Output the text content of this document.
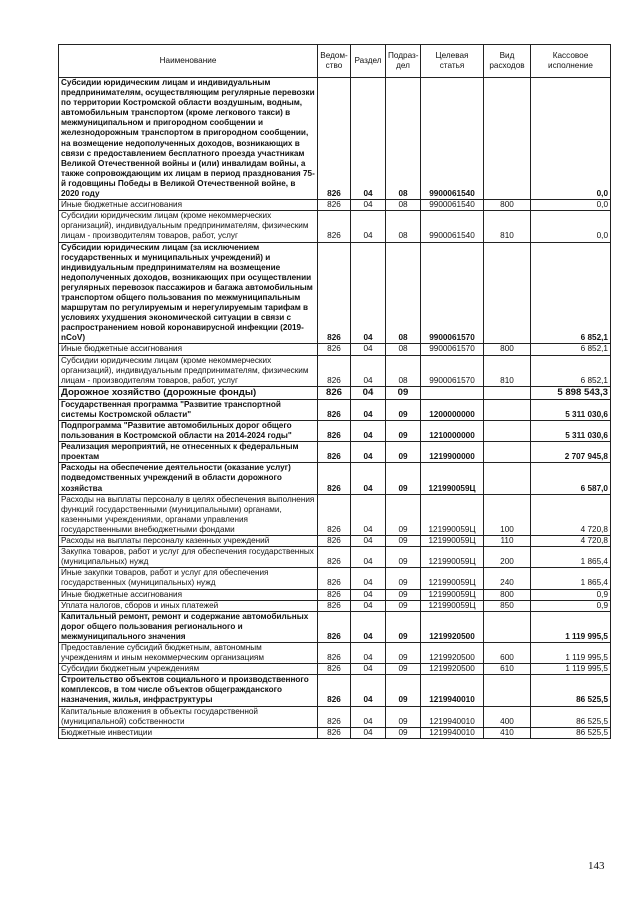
Наименование	Ведом-ство	Раздел	Подраз-дел	Целевая статья	Вид расходов	Кассовое исполнение
Субсидии юридическим лицам и индивидуальным предпринимателям, осуществляющим регулярные перевозки по территории Костромской области воздушным, водным, автомобильным транспортом (кроме легкового такси) в межмуниципальном и пригородном сообщении и железнодорожным транспортом в пригородном сообщении, на возмещение недополученных доходов, возникающих в связи с предоставлением бесплатного проезда участникам Великой Отечественной войны и (или) инвалидам войны, а также сопровождающим их лицам в период празднования 75-й годовщины Победы в Великой Отечественной войне, в 2020 году	826	04	08	9900061540		0,0
Иные бюджетные ассигнования	826	04	08	9900061540	800	0,0
Субсидии юридическим лицам (кроме некоммерческих организаций), индивидуальным предпринимателям, физическим лицам - производителям товаров, работ, услуг	826	04	08	9900061540	810	0,0
Субсидии юридическим лицам (за исключением государственных и муниципальных учреждений) и индивидуальным предпринимателям на возмещение недополученных доходов, возникающих при осуществлении регулярных перевозок пассажиров и багажа автомобильным транспортом общего пользования по межмуниципальным маршрутам по регулируемым и нерегулируемым тарифам в условиях ухудшения экономической ситуации в связи с распространением новой коронавирусной инфекции (2019-nCoV)	826	04	08	9900061570		6 852,1
Иные бюджетные ассигнования	826	04	08	9900061570	800	6 852,1
Субсидии юридическим лицам (кроме некоммерческих организаций), индивидуальным предпринимателям, физическим лицам - производителям товаров, работ, услуг	826	04	08	9900061570	810	6 852,1
Дорожное хозяйство (дорожные фонды)	826	04	09			5 898 543,3
Государственная программа "Развитие транспортной системы Костромской области"	826	04	09	1200000000		5 311 030,6
Подпрограмма "Развитие автомобильных дорог общего пользования в Костромской области на 2014-2024 годы"	826	04	09	1210000000		5 311 030,6
Реализация мероприятий, не отнесенных к федеральным проектам	826	04	09	1219900000		2 707 945,8
Расходы на обеспечение деятельности (оказание услуг) подведомственных учреждений в области дорожного хозяйства	826	04	09	121990059Ц		6 587,0
Расходы на выплаты персоналу в целях обеспечения выполнения функций государственными (муниципальными) органами, казенными учреждениями, органами управления государственными внебюджетными фондами	826	04	09	121990059Ц	100	4 720,8
Расходы на выплаты персоналу казенных учреждений	826	04	09	121990059Ц	110	4 720,8
Закупка товаров, работ и услуг для обеспечения государственных (муниципальных) нужд	826	04	09	121990059Ц	200	1 865,4
Иные закупки товаров, работ и услуг для обеспечения государственных (муниципальных) нужд	826	04	09	121990059Ц	240	1 865,4
Иные бюджетные ассигнования	826	04	09	121990059Ц	800	0,9
Уплата налогов, сборов и иных платежей	826	04	09	121990059Ц	850	0,9
Капитальный ремонт, ремонт и содержание автомобильных дорог общего пользования регионального и межмуниципального значения	826	04	09	1219920500		1 119 995,5
Предоставление субсидий бюджетным, автономным учреждениям и иным некоммерческим организациям	826	04	09	1219920500	600	1 119 995,5
Субсидии бюджетным учреждениям	826	04	09	1219920500	610	1 119 995,5
Строительство объектов социального и производственного комплексов, в том числе объектов общегражданского назначения, жилья, инфраструктуры	826	04	09	1219940010		86 525,5
Капитальные вложения в объекты государственной (муниципальной) собственности	826	04	09	1219940010	400	86 525,5
Бюджетные инвестиции	826	04	09	1219940010	410	86 525,5
143
